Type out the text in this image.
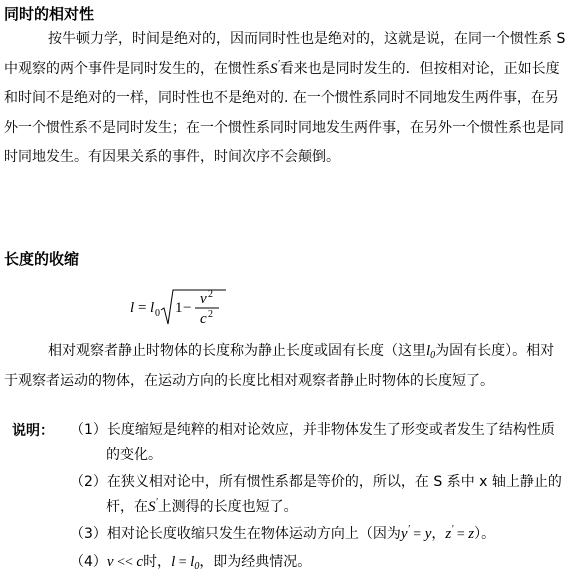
同时的相对性
按牛顿力学，时间是绝对的，因而同时性也是绝对的，这就是说，在同一个惯性系 S 中观察的两个事件是同时发生的，在惯性系S′看来也是同时发生的．但按相对论，正如长度和时间不是绝对的一样，同时性也不是绝对的. 在一个惯性系同时不同地发生两件事，在另外一个惯性系不是同时发生；在一个惯性系同时同地发生两件事，在另外一个惯性系也是同时同地发生。有因果关系的事件，时间次序不会颠倒。
长度的收缩
l = l 0 1 −
v 2
c 2
相对观察者静止时物体的长度称为静止长度或固有长度（这里$l_0$为固有长度）。相对于观察者运动的物体，在运动方向的长度比相对观察者静止时物体的长度短了。
说明： （1）长度缩短是纯粹的相对论效应，并非物体发生了形变或者发生了结构性质的变化。
（2）在狭义相对论中，所有惯性系都是等价的，所以，在 S 系中 x 轴上静止的杆，在S′上测得的长度也短了。
（3）相对论长度收缩只发生在物体运动方向上（因为y′ = y，z′ = z）。
（4）v << c时，$l = l_0$，即为经典情况。
